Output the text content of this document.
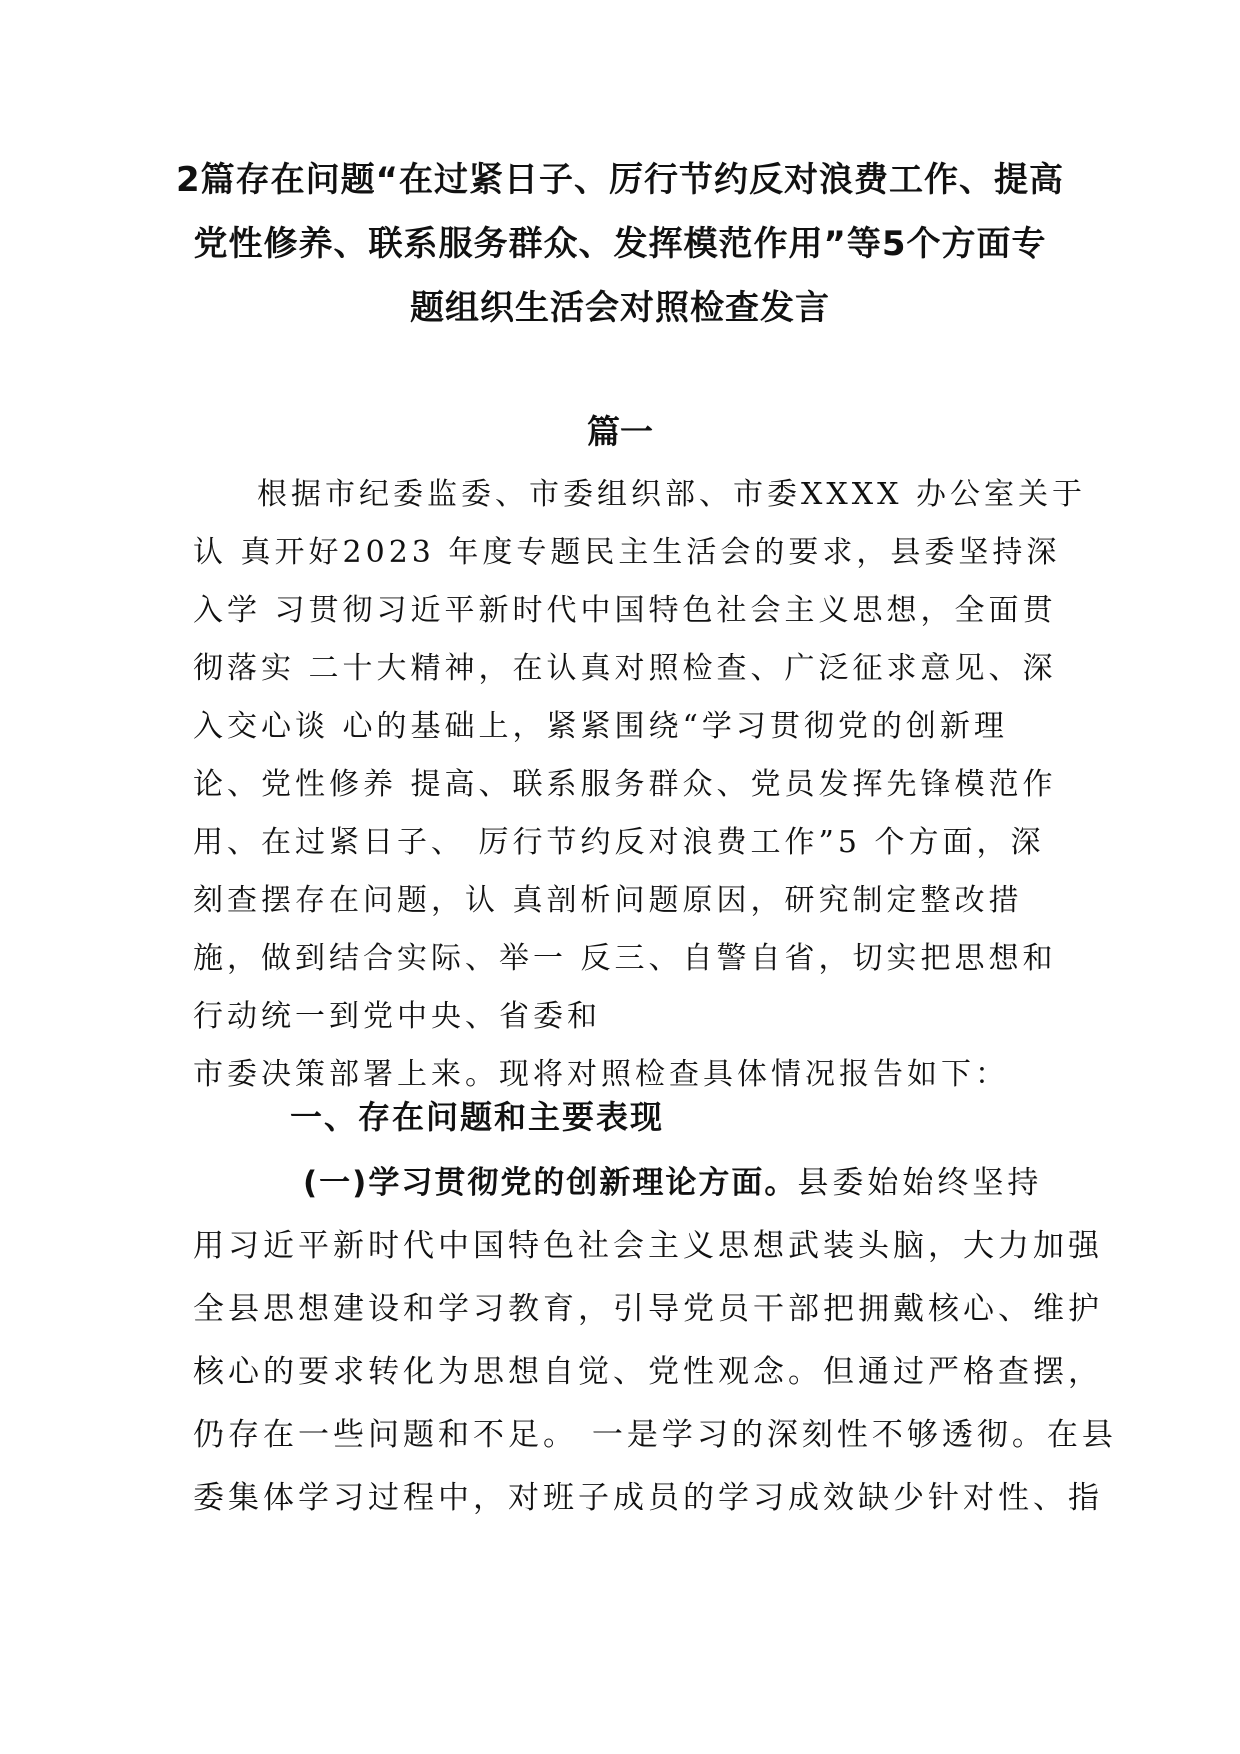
2篇存在问题“在过紧日子、厉行节约反对浪费工作、提高
党性修养、联系服务群众、发挥模范作用”等5个方面专
题组织生活会对照检查发言
篇一
根据市纪委监委、市委组织部、市委XXXX 办公室关于
认 真开好2023 年度专题民主生活会的要求，县委坚持深
入学 习贯彻习近平新时代中国特色社会主义思想，全面贯
彻落实 二十大精神，在认真对照检查、广泛征求意见、深
入交心谈 心的基础上，紧紧围绕“学习贯彻党的创新理
论、党性修养 提高、联系服务群众、党员发挥先锋模范作
用、在过紧日子、 厉行节约反对浪费工作”5 个方面，深
刻查摆存在问题，认 真剖析问题原因，研究制定整改措
施，做到结合实际、举一 反三、自警自省，切实把思想和
行动统一到党中央、省委和
市委决策部署上来。现将对照检查具体情况报告如下：
一、存在问题和主要表现
(一)学习贯彻党的创新理论方面。县委始始终坚持
用习近平新时代中国特色社会主义思想武装头脑，大力加强
全县思想建设和学习教育，引导党员干部把拥戴核心、维护
核心的要求转化为思想自觉、党性观念。但通过严格查摆，
仍存在一些问题和不足。 一是学习的深刻性不够透彻。在县
委集体学习过程中，对班子成员的学习成效缺少针对性、指
